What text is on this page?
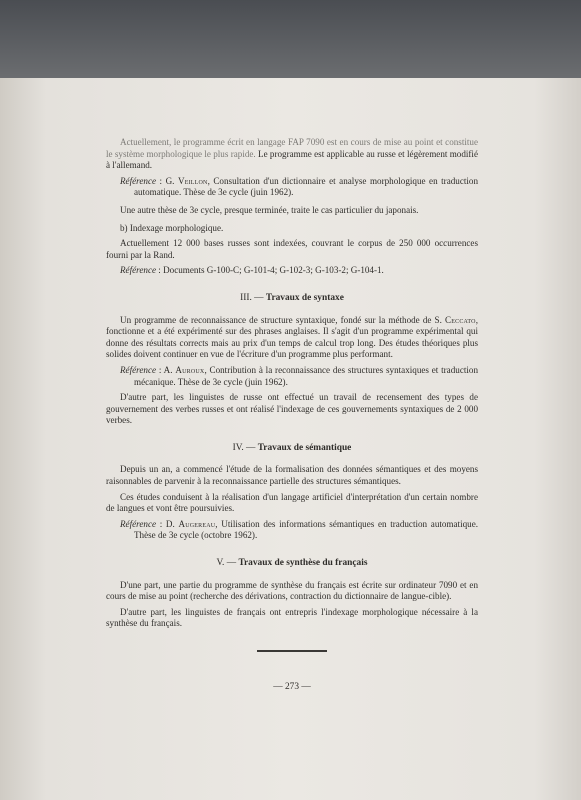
Actuellement, le programme écrit en langage FAP 7090 est en cours de mise au point et constitue le système morphologique le plus rapide. Le programme est applicable au russe et légèrement modifié à l'allemand.

Référence : G. Veillon, Consultation d'un dictionnaire et analyse morphologique en traduction automatique. Thèse de 3e cycle (juin 1962).

Une autre thèse de 3e cycle, presque terminée, traite le cas particulier du japonais.

b) Indexage morphologique.

Actuellement 12 000 bases russes sont indexées, couvrant le corpus de 250 000 occurrences fourni par la Rand.

Référence : Documents G-100-C; G-101-4; G-102-3; G-103-2; G-104-1.

III. — Travaux de syntaxe

Un programme de reconnaissance de structure syntaxique, fondé sur la méthode de S. Ceccato, fonctionne et a été expérimenté sur des phrases anglaises. Il s'agit d'un programme expérimental qui donne des résultats corrects mais au prix d'un temps de calcul trop long. Des études théoriques plus solides doivent continuer en vue de l'écriture d'un programme plus performant.

Référence : A. Auroux, Contribution à la reconnaissance des structures syntaxiques et traduction mécanique. Thèse de 3e cycle (juin 1962).

D'autre part, les linguistes de russe ont effectué un travail de recensement des types de gouvernement des verbes russes et ont réalisé l'indexage de ces gouvernements syntaxiques de 2 000 verbes.

IV. — Travaux de sémantique

Depuis un an, a commencé l'étude de la formalisation des données sémantiques et des moyens raisonnables de parvenir à la reconnaissance partielle des structures sémantiques.

Ces études conduisent à la réalisation d'un langage artificiel d'interprétation d'un certain nombre de langues et vont être poursuivies.

Référence : D. Augereau, Utilisation des informations sémantiques en traduction automatique. Thèse de 3e cycle (octobre 1962).

V. — Travaux de synthèse du français

D'une part, une partie du programme de synthèse du français est écrite sur ordinateur 7090 et en cours de mise au point (recherche des dérivations, contraction du dictionnaire de langue-cible).

D'autre part, les linguistes de français ont entrepris l'indexage morphologique nécessaire à la synthèse du français.

— 273 —
